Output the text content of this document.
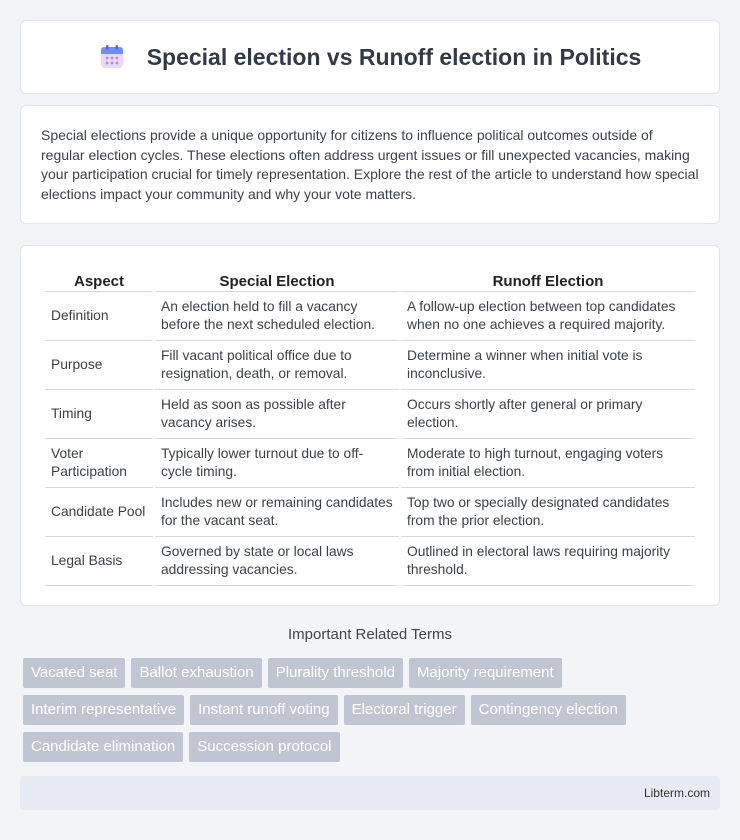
Special election vs Runoff election in Politics

Special elections provide a unique opportunity for citizens to influence political outcomes outside of regular election cycles. These elections often address urgent issues or fill unexpected vacancies, making your participation crucial for timely representation. Explore the rest of the article to understand how special elections impact your community and why your vote matters.

Aspect	Special Election	Runoff Election
Definition	An election held to fill a vacancy before the next scheduled election.	A follow-up election between top candidates when no one achieves a required majority.
Purpose	Fill vacant political office due to resignation, death, or removal.	Determine a winner when initial vote is inconclusive.
Timing	Held as soon as possible after vacancy arises.	Occurs shortly after general or primary election.
Voter Participation	Typically lower turnout due to off-cycle timing.	Moderate to high turnout, engaging voters from initial election.
Candidate Pool	Includes new or remaining candidates for the vacant seat.	Top two or specially designated candidates from the prior election.
Legal Basis	Governed by state or local laws addressing vacancies.	Outlined in electoral laws requiring majority threshold.
Important Related Terms
Vacated seat	Ballot exhaustion	Plurality threshold	Majority requirement
Interim representative	Instant runoff voting	Electoral trigger	Contingency election
Candidate elimination	Succession protocol
Libterm.com
